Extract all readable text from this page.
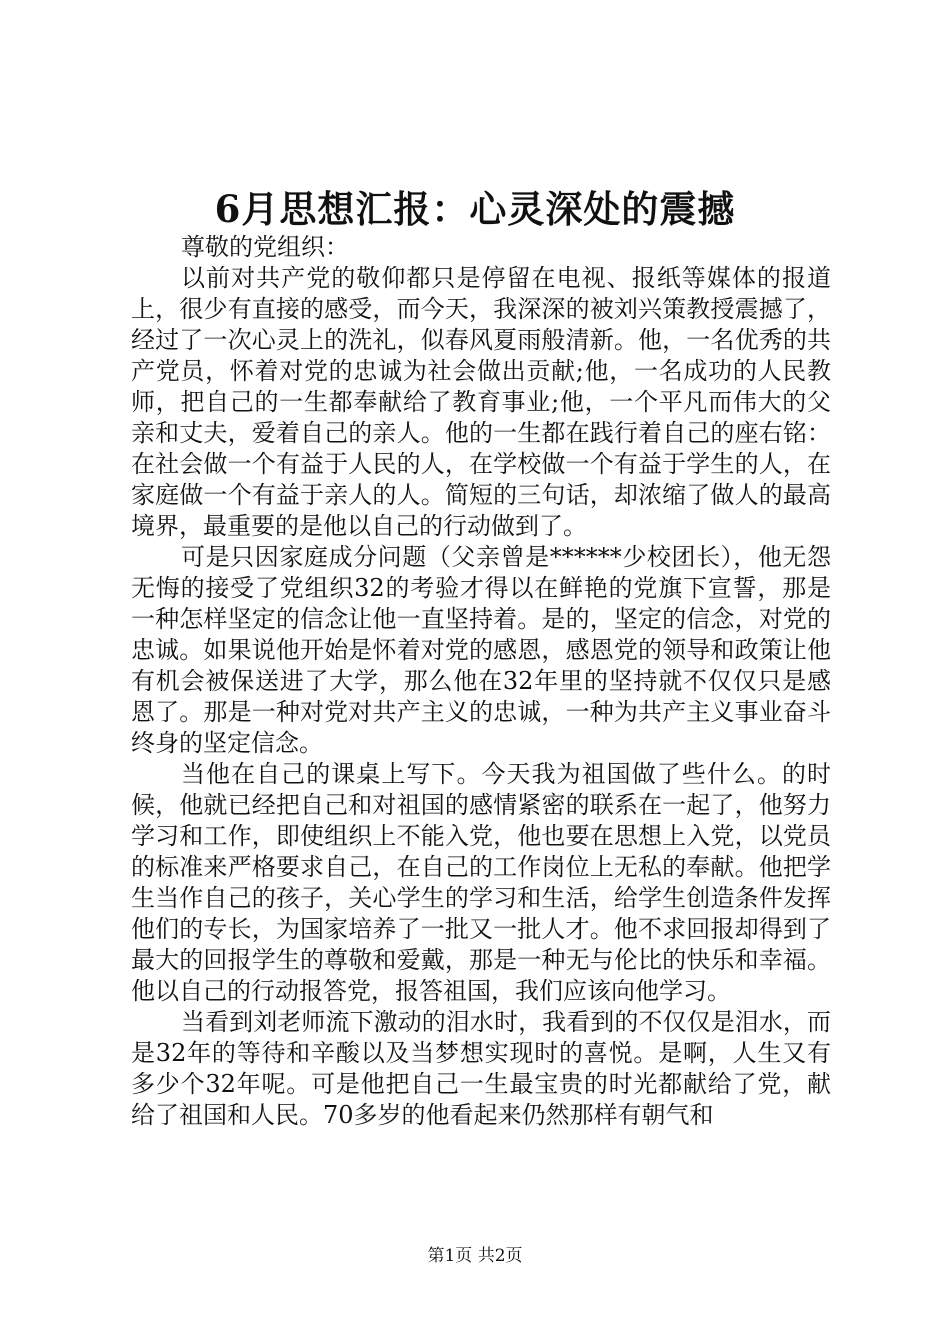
6月思想汇报：心灵深处的震撼

尊敬的党组织：

以前对共产党的敬仰都只是停留在电视、报纸等媒体的报道上，很少有直接的感受，而今天，我深深的被刘兴策教授震撼了，经过了一次心灵上的洗礼，似春风夏雨般清新。他，一名优秀的共产党员，怀着对党的忠诚为社会做出贡献;他，一名成功的人民教师，把自己的一生都奉献给了教育事业;他，一个平凡而伟大的父亲和丈夫，爱着自己的亲人。他的一生都在践行着自己的座右铭：在社会做一个有益于人民的人，在学校做一个有益于学生的人，在家庭做一个有益于亲人的人。简短的三句话，却浓缩了做人的最高境界，最重要的是他以自己的行动做到了。

可是只因家庭成分问题（父亲曾是******少校团长），他无怨无悔的接受了党组织32的考验才得以在鲜艳的党旗下宣誓，那是一种怎样坚定的信念让他一直坚持着。是的，坚定的信念，对党的忠诚。如果说他开始是怀着对党的感恩，感恩党的领导和政策让他有机会被保送进了大学，那么他在32年里的坚持就不仅仅只是感恩了。那是一种对党对共产主义的忠诚，一种为共产主义事业奋斗终身的坚定信念。

当他在自己的课桌上写下。今天我为祖国做了些什么。的时候，他就已经把自己和对祖国的感情紧密的联系在一起了，他努力学习和工作，即使组织上不能入党，他也要在思想上入党，以党员的标准来严格要求自己，在自己的工作岗位上无私的奉献。他把学生当作自己的孩子，关心学生的学习和生活，给学生创造条件发挥他们的专长，为国家培养了一批又一批人才。他不求回报却得到了最大的回报学生的尊敬和爱戴，那是一种无与伦比的快乐和幸福。他以自己的行动报答党，报答祖国，我们应该向他学习。

当看到刘老师流下激动的泪水时，我看到的不仅仅是泪水，而是32年的等待和辛酸以及当梦想实现时的喜悦。是啊，人生又有多少个32年呢。可是他把自己一生最宝贵的时光都献给了党，献给了祖国和人民。70多岁的他看起来仍然那样有朝气和

第1页 共2页
